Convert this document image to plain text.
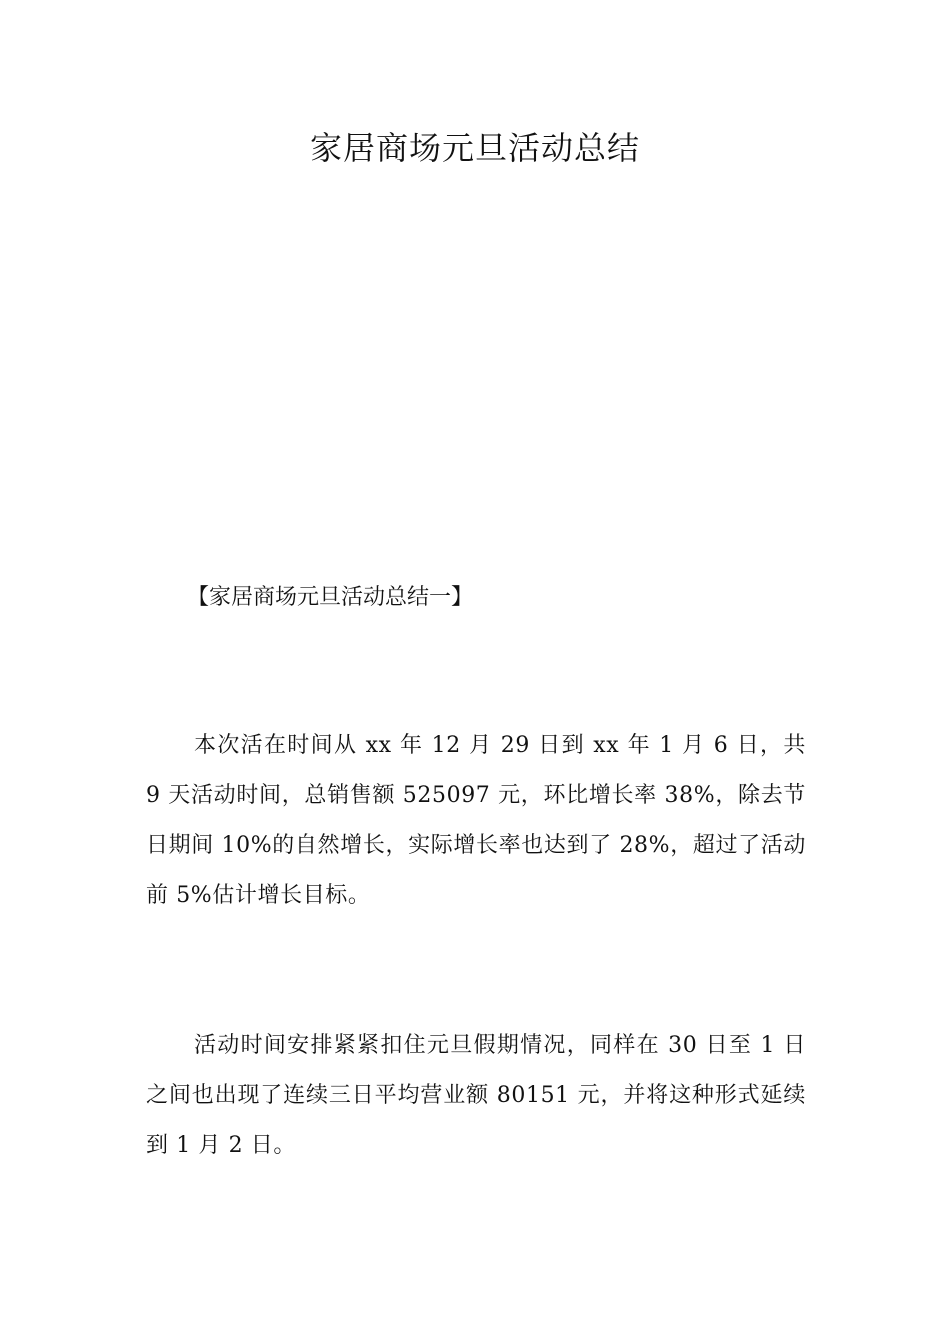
家居商场元旦活动总结
【家居商场元旦活动总结一】

本次活在时间从 xx 年 12 月 29 日到 xx 年 1 月 6 日，共 9 天活动时间，总销售额 525097 元，环比增长率 38%，除去节日期间 10%的自然增长，实际增长率也达到了 28%，超过了活动前 5%估计增长目标。

活动时间安排紧紧扣住元旦假期情况，同样在 30 日至 1 日之间也出现了连续三日平均营业额 80151 元，并将这种形式延续到 1 月 2 日。
